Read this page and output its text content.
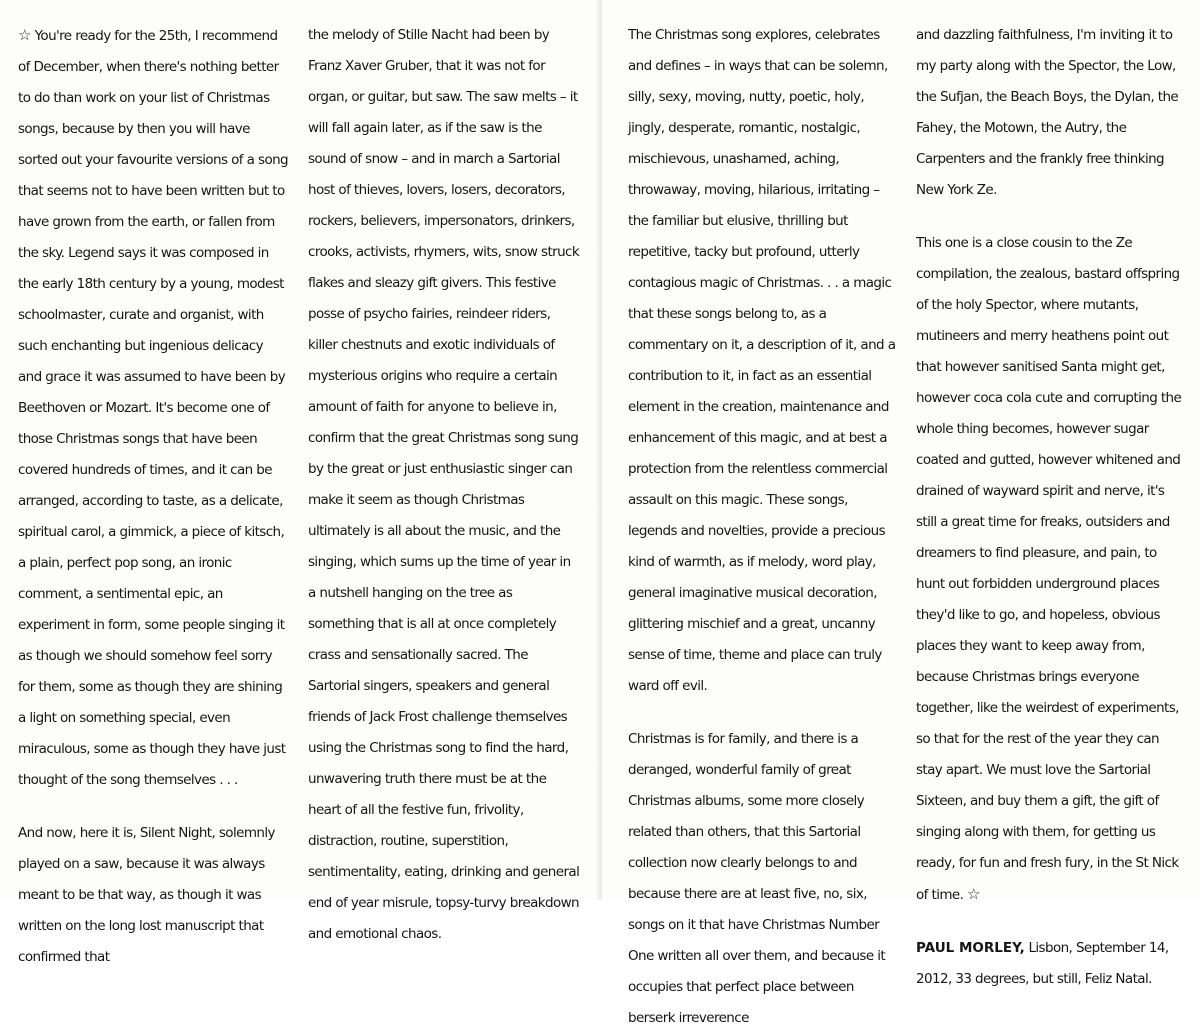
☆ You're ready for the 25th, I recommend of December, when there's nothing better to do than work on your list of Christmas songs, because by then you will have sorted out your favourite versions of a song that seems not to have been written but to have grown from the earth, or fallen from the sky. Legend says it was composed in the early 18th century by a young, modest schoolmaster, curate and organist, with such enchanting but ingenious delicacy and grace it was assumed to have been by Beethoven or Mozart. It's become one of those Christmas songs that have been covered hundreds of times, and it can be arranged, according to taste, as a delicate, spiritual carol, a gimmick, a piece of kitsch, a plain, perfect pop song, an ironic comment, a sentimental epic, an experiment in form, some people singing it as though we should somehow feel sorry for them, some as though they are shining a light on something special, even miraculous, some as though they have just thought of the song themselves . . .

And now, here it is, Silent Night, solemnly played on a saw, because it was always meant to be that way, as though it was written on the long lost manuscript that confirmed that

the melody of Stille Nacht had been by Franz Xaver Gruber, that it was not for organ, or guitar, but saw. The saw melts – it will fall again later, as if the saw is the sound of snow – and in march a Sartorial host of thieves, lovers, losers, decorators, rockers, believers, impersonators, drinkers, crooks, activists, rhymers, wits, snow struck flakes and sleazy gift givers. This festive posse of psycho fairies, reindeer riders, killer chestnuts and exotic individuals of mysterious origins who require a certain amount of faith for anyone to believe in, confirm that the great Christmas song sung by the great or just enthusiastic singer can make it seem as though Christmas ultimately is all about the music, and the singing, which sums up the time of year in a nutshell hanging on the tree as something that is all at once completely crass and sensationally sacred. The Sartorial singers, speakers and general friends of Jack Frost challenge themselves using the Christmas song to find the hard, unwavering truth there must be at the heart of all the festive fun, frivolity, distraction, routine, superstition, sentimentality, eating, drinking and general end of year misrule, topsy-turvy breakdown and emotional chaos.

The Christmas song explores, celebrates and defines – in ways that can be solemn, silly, sexy, moving, nutty, poetic, holy, jingly, desperate, romantic, nostalgic, mischievous, unashamed, aching, throwaway, moving, hilarious, irritating – the familiar but elusive, thrilling but repetitive, tacky but profound, utterly contagious magic of Christmas. . . a magic that these songs belong to, as a commentary on it, a description of it, and a contribution to it, in fact as an essential element in the creation, maintenance and enhancement of this magic, and at best a protection from the relentless commercial assault on this magic. These songs, legends and novelties, provide a precious kind of warmth, as if melody, word play, general imaginative musical decoration, glittering mischief and a great, uncanny sense of time, theme and place can truly ward off evil.

Christmas is for family, and there is a deranged, wonderful family of great Christmas albums, some more closely related than others, that this Sartorial collection now clearly belongs to and because there are at least five, no, six, songs on it that have Christmas Number One written all over them, and because it occupies that perfect place between berserk irreverence

and dazzling faithfulness, I'm inviting it to my party along with the Spector, the Low, the Sufjan, the Beach Boys, the Dylan, the Fahey, the Motown, the Autry, the Carpenters and the frankly free thinking New York Ze.

This one is a close cousin to the Ze compilation, the zealous, bastard offspring of the holy Spector, where mutants, mutineers and merry heathens point out that however sanitised Santa might get, however coca cola cute and corrupting the whole thing becomes, however sugar coated and gutted, however whitened and drained of wayward spirit and nerve, it's still a great time for freaks, outsiders and dreamers to find pleasure, and pain, to hunt out forbidden underground places they'd like to go, and hopeless, obvious places they want to keep away from, because Christmas brings everyone together, like the weirdest of experiments, so that for the rest of the year they can stay apart. We must love the Sartorial Sixteen, and buy them a gift, the gift of singing along with them, for getting us ready, for fun and fresh fury, in the St Nick of time. ☆

PAUL MORLEY, Lisbon, September 14, 2012, 33 degrees, but still, Feliz Natal.
